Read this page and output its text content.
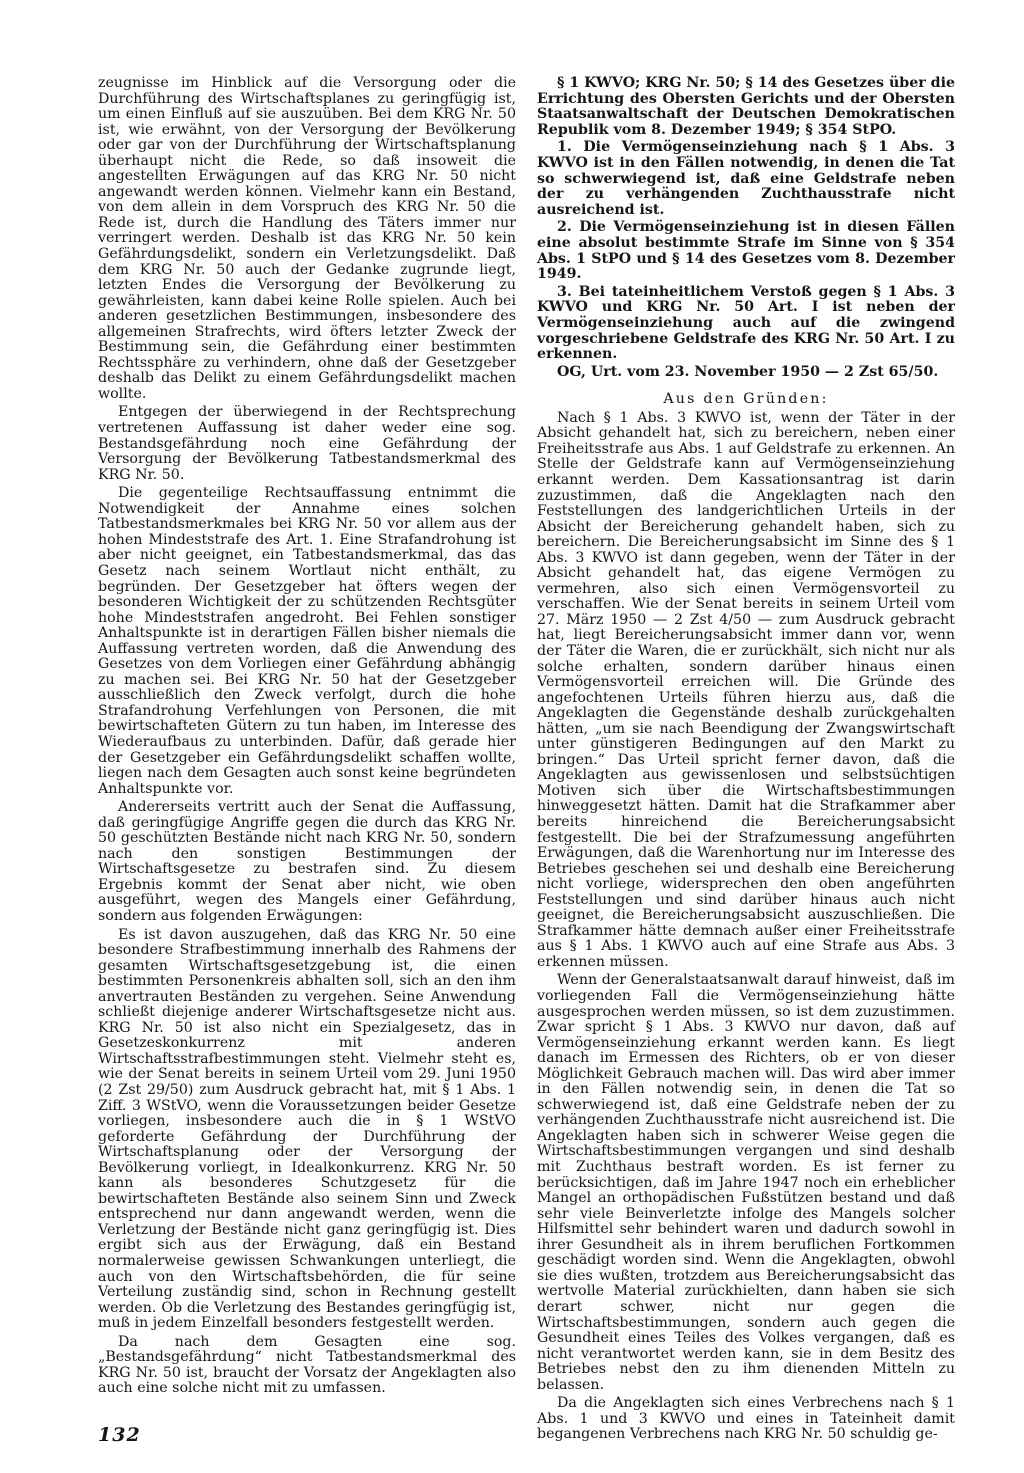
zeugnisse im Hinblick auf die Versorgung oder die Durchführung des Wirtschaftsplanes zu geringfügig ist, um einen Einfluß auf sie auszuüben. Bei dem KRG Nr. 50 ist, wie erwähnt, von der Versorgung der Bevölkerung oder gar von der Durchführung der Wirtschaftsplanung überhaupt nicht die Rede, so daß insoweit die angestellten Erwägungen auf das KRG Nr. 50 nicht angewandt werden können. Vielmehr kann ein Bestand, von dem allein in dem Vorspruch des KRG Nr. 50 die Rede ist, durch die Handlung des Täters immer nur verringert werden. Deshalb ist das KRG Nr. 50 kein Gefährdungsdelikt, sondern ein Verletzungsdelikt. Daß dem KRG Nr. 50 auch der Gedanke zugrunde liegt, letzten Endes die Versorgung der Bevölkerung zu gewährleisten, kann dabei keine Rolle spielen. Auch bei anderen gesetzlichen Bestimmungen, insbesondere des allgemeinen Strafrechts, wird öfters letzter Zweck der Bestimmung sein, die Gefährdung einer bestimmten Rechtssphäre zu verhindern, ohne daß der Gesetzgeber deshalb das Delikt zu einem Gefährdungsdelikt machen wollte.

Entgegen der überwiegend in der Rechtsprechung vertretenen Auffassung ist daher weder eine sog. Bestandsgefährdung noch eine Gefährdung der Versorgung der Bevölkerung Tatbestandsmerkmal des KRG Nr. 50.

Die gegenteilige Rechtsauffassung entnimmt die Notwendigkeit der Annahme eines solchen Tatbestandsmerkmales bei KRG Nr. 50 vor allem aus der hohen Mindeststrafe des Art. 1. Eine Strafandrohung ist aber nicht geeignet, ein Tatbestandsmerkmal, das das Gesetz nach seinem Wortlaut nicht enthält, zu begründen. Der Gesetzgeber hat öfters wegen der besonderen Wichtigkeit der zu schützenden Rechtsgüter hohe Mindeststrafen angedroht. Bei Fehlen sonstiger Anhaltspunkte ist in derartigen Fällen bisher niemals die Auffassung vertreten worden, daß die Anwendung des Gesetzes von dem Vorliegen einer Gefährdung abhängig zu machen sei. Bei KRG Nr. 50 hat der Gesetzgeber ausschließlich den Zweck verfolgt, durch die hohe Strafandrohung Verfehlungen von Personen, die mit bewirtschafteten Gütern zu tun haben, im Interesse des Wiederaufbaus zu unterbinden. Dafür, daß gerade hier der Gesetzgeber ein Gefährdungsdelikt schaffen wollte, liegen nach dem Gesagten auch sonst keine begründeten Anhaltspunkte vor.

Andererseits vertritt auch der Senat die Auffassung, daß geringfügige Angriffe gegen die durch das KRG Nr. 50 geschützten Bestände nicht nach KRG Nr. 50, sondern nach den sonstigen Bestimmungen der Wirtschaftsgesetze zu bestrafen sind. Zu diesem Ergebnis kommt der Senat aber nicht, wie oben ausgeführt, wegen des Mangels einer Gefährdung, sondern aus folgenden Erwägungen:

Es ist davon auszugehen, daß das KRG Nr. 50 eine besondere Strafbestimmung innerhalb des Rahmens der gesamten Wirtschaftsgesetzgebung ist, die einen bestimmten Personenkreis abhalten soll, sich an den ihm anvertrauten Beständen zu vergehen. Seine Anwendung schließt diejenige anderer Wirtschaftsgesetze nicht aus. KRG Nr. 50 ist also nicht ein Spezialgesetz, das in Gesetzeskonkurrenz mit anderen Wirtschaftsstrafbestimmungen steht. Vielmehr steht es, wie der Senat bereits in seinem Urteil vom 29. Juni 1950 (2 Zst 29/50) zum Ausdruck gebracht hat, mit § 1 Abs. 1 Ziff. 3 WStVO, wenn die Voraussetzungen beider Gesetze vorliegen, insbesondere auch die in § 1 WStVO geforderte Gefährdung der Durchführung der Wirtschaftsplanung oder der Versorgung der Bevölkerung vorliegt, in Idealkonkurrenz. KRG Nr. 50 kann als besonderes Schutzgesetz für die bewirtschafteten Bestände also seinem Sinn und Zweck entsprechend nur dann angewandt werden, wenn die Verletzung der Bestände nicht ganz geringfügig ist. Dies ergibt sich aus der Erwägung, daß ein Bestand normalerweise gewissen Schwankungen unterliegt, die auch von den Wirtschaftsbehörden, die für seine Verteilung zuständig sind, schon in Rechnung gestellt werden. Ob die Verletzung des Bestandes geringfügig ist, muß in jedem Einzelfall besonders festgestellt werden.

Da nach dem Gesagten eine sog. „Bestandsgefährdung“ nicht Tatbestandsmerkmal des KRG Nr. 50 ist, braucht der Vorsatz der Angeklagten also auch eine solche nicht mit zu umfassen.

§ 1 KWVO; KRG Nr. 50; § 14 des Gesetzes über die Errichtung des Obersten Gerichts und der Obersten Staatsanwaltschaft der Deutschen Demokratischen Republik vom 8. Dezember 1949; § 354 StPO.

1. Die Vermögenseinziehung nach § 1 Abs. 3 KWVO ist in den Fällen notwendig, in denen die Tat so schwerwiegend ist, daß eine Geldstrafe neben der zu verhängenden Zuchthausstrafe nicht ausreichend ist.

2. Die Vermögenseinziehung ist in diesen Fällen eine absolut bestimmte Strafe im Sinne von § 354 Abs. 1 StPO und § 14 des Gesetzes vom 8. Dezember 1949.

3. Bei tateinheitlichem Verstoß gegen § 1 Abs. 3 KWVO und KRG Nr. 50 Art. I ist neben der Vermögenseinziehung auch auf die zwingend vorgeschriebene Geldstrafe des KRG Nr. 50 Art. I zu erkennen.

OG, Urt. vom 23. November 1950 — 2 Zst 65/50.

Aus den Gründen:

Nach § 1 Abs. 3 KWVO ist, wenn der Täter in der Absicht gehandelt hat, sich zu bereichern, neben einer Freiheitsstrafe aus Abs. 1 auf Geldstrafe zu erkennen. An Stelle der Geldstrafe kann auf Vermögenseinziehung erkannt werden. Dem Kassationsantrag ist darin zuzustimmen, daß die Angeklagten nach den Feststellungen des landgerichtlichen Urteils in der Absicht der Bereicherung gehandelt haben, sich zu bereichern. Die Bereicherungsabsicht im Sinne des § 1 Abs. 3 KWVO ist dann gegeben, wenn der Täter in der Absicht gehandelt hat, das eigene Vermögen zu vermehren, also sich einen Vermögensvorteil zu verschaffen. Wie der Senat bereits in seinem Urteil vom 27. März 1950 — 2 Zst 4/50 — zum Ausdruck gebracht hat, liegt Bereicherungsabsicht immer dann vor, wenn der Täter die Waren, die er zurückhält, sich nicht nur als solche erhalten, sondern darüber hinaus einen Vermögensvorteil erreichen will. Die Gründe des angefochtenen Urteils führen hierzu aus, daß die Angeklagten die Gegenstände deshalb zurückgehalten hätten, „um sie nach Beendigung der Zwangswirtschaft unter günstigeren Bedingungen auf den Markt zu bringen.“ Das Urteil spricht ferner davon, daß die Angeklagten aus gewissenlosen und selbstsüchtigen Motiven sich über die Wirtschaftsbestimmungen hinweggesetzt hätten. Damit hat die Strafkammer aber bereits hinreichend die Bereicherungsabsicht festgestellt. Die bei der Strafzumessung angeführten Erwägungen, daß die Warenhortung nur im Interesse des Betriebes geschehen sei und deshalb eine Bereicherung nicht vorliege, widersprechen den oben angeführten Feststellungen und sind darüber hinaus auch nicht geeignet, die Bereicherungsabsicht auszuschließen. Die Strafkammer hätte demnach außer einer Freiheitsstrafe aus § 1 Abs. 1 KWVO auch auf eine Strafe aus Abs. 3 erkennen müssen.

Wenn der Generalstaatsanwalt darauf hinweist, daß im vorliegenden Fall die Vermögenseinziehung hätte ausgesprochen werden müssen, so ist dem zuzustimmen. Zwar spricht § 1 Abs. 3 KWVO nur davon, daß auf Vermögenseinziehung erkannt werden kann. Es liegt danach im Ermessen des Richters, ob er von dieser Möglichkeit Gebrauch machen will. Das wird aber immer in den Fällen notwendig sein, in denen die Tat so schwerwiegend ist, daß eine Geldstrafe neben der zu verhängenden Zuchthausstrafe nicht ausreichend ist. Die Angeklagten haben sich in schwerer Weise gegen die Wirtschaftsbestimmungen vergangen und sind deshalb mit Zuchthaus bestraft worden. Es ist ferner zu berücksichtigen, daß im Jahre 1947 noch ein erheblicher Mangel an orthopädischen Fußstützen bestand und daß sehr viele Beinverletzte infolge des Mangels solcher Hilfsmittel sehr behindert waren und dadurch sowohl in ihrer Gesundheit als in ihrem beruflichen Fortkommen geschädigt worden sind. Wenn die Angeklagten, obwohl sie dies wußten, trotzdem aus Bereicherungsabsicht das wertvolle Material zurückhielten, dann haben sie sich derart schwer, nicht nur gegen die Wirtschaftsbestimmungen, sondern auch gegen die Gesundheit eines Teiles des Volkes vergangen, daß es nicht verantwortet werden kann, sie in dem Besitz des Betriebes nebst den zu ihm dienenden Mitteln zu belassen.

Da die Angeklagten sich eines Verbrechens nach § 1 Abs. 1 und 3 KWVO und eines in Tateinheit damit begangenen Verbrechens nach KRG Nr. 50 schuldig ge-

132
